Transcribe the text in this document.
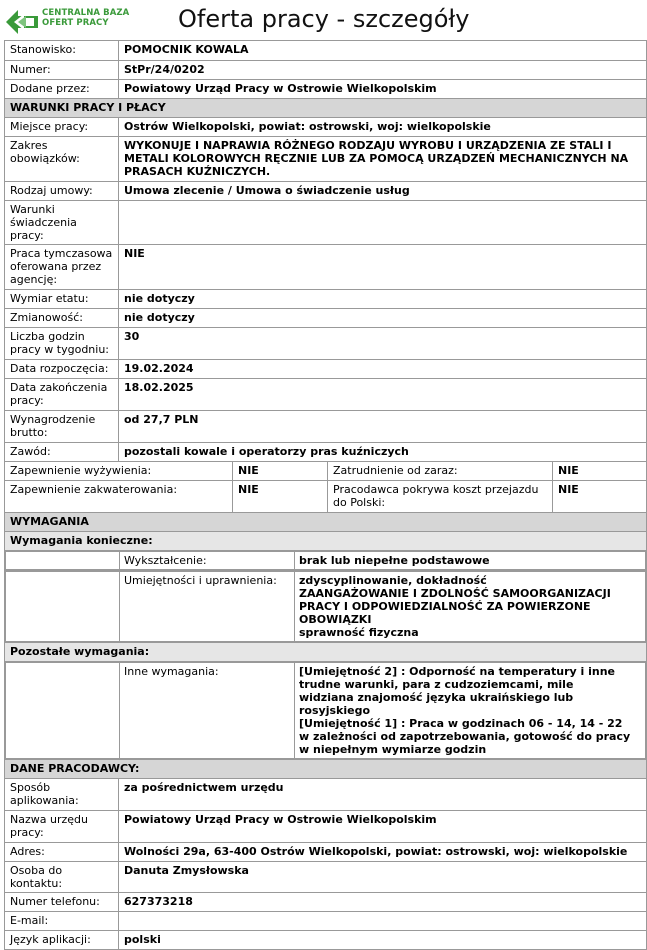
CENTRALNA BAZA
OFERT PRACY	Oferta pracy - szczegóły
Stanowisko:	POMOCNIK KOWALA
Numer:	StPr/24/0202
Dodane przez:	Powiatowy Urząd Pracy w Ostrowie Wielkopolskim
WARUNKI PRACY I PŁACY
Miejsce pracy:	Ostrów Wielkopolski, powiat: ostrowski, woj: wielkopolskie
Zakres obowiązków:	WYKONUJE I NAPRAWIA RÓŻNEGO RODZAJU WYROBU I URZĄDZENIA ZE STALI I METALI KOLOROWYCH RĘCZNIE LUB ZA POMOCĄ URZĄDZEŃ MECHANICZNYCH NA PRASACH KUŹNICZYCH.
Rodzaj umowy:	Umowa zlecenie / Umowa o świadczenie usług
Warunki świadczenia pracy:	
Praca tymczasowa oferowana przez agencję:	NIE
Wymiar etatu:	nie dotyczy
Zmianowość:	nie dotyczy
Liczba godzin pracy w tygodniu:	30
Data rozpoczęcia:	19.02.2024
Data zakończenia pracy:	18.02.2025
Wynagrodzenie brutto:	od 27,7 PLN
Zawód:	pozostali kowale i operatorzy pras kuźniczych
Zapewnienie wyżywienia:	NIE	Zatrudnienie od zaraz:	NIE
Zapewnienie zakwaterowania:	NIE	Pracodawca pokrywa koszt przejazdu do Polski:	NIE
WYMAGANIA
Wymagania konieczne:

	Wykształcenie:	brak lub niepełne podstawowe

	Umiejętności i uprawnienia:	zdyscyplinowanie, dokładność
ZAANGAŻOWANIE I ZDOLNOŚĆ SAMOORGANIZACJI PRACY I ODPOWIEDZIALNOŚĆ ZA POWIERZONE OBOWIĄZKI
sprawność fizyczna

Pozostałe wymagania:

	Inne wymagania:	[Umiejętność 2] : Odporność na temperatury i inne trudne warunki, para z cudzoziemcami, mile widziana znajomość języka ukraińskiego lub rosyjskiego
[Umiejętność 1] : Praca w godzinach 06 - 14, 14 - 22 w zależności od zapotrzebowania, gotowość do pracy w niepełnym wymiarze godzin

DANE PRACODAWCY:
Sposób aplikowania:	za pośrednictwem urzędu
Nazwa urzędu pracy:	Powiatowy Urząd Pracy w Ostrowie Wielkopolskim
Adres:	Wolności 29a, 63-400 Ostrów Wielkopolski, powiat: ostrowski, woj: wielkopolskie
Osoba do kontaktu:	Danuta Zmysłowska
Numer telefonu:	627373218
E-mail:	
Język aplikacji:	polski
